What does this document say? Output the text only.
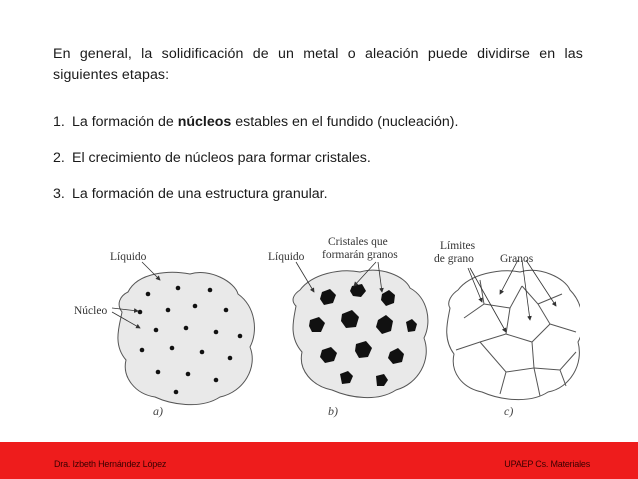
En general, la solidificación de un metal o aleación puede dividirse en las siguientes etapas:

1. La formación de núcleos estables en el fundido (nucleación).

2. El crecimiento de núcleos para formar cristales.

3. La formación de una estructura granular.

Líquido
Núcleo
a)
Líquido
Cristales que
formarán granos
b)
Límites
de grano Granos
c)
Dra. Izbeth Hernández López	UPAEP Cs. Materiales
